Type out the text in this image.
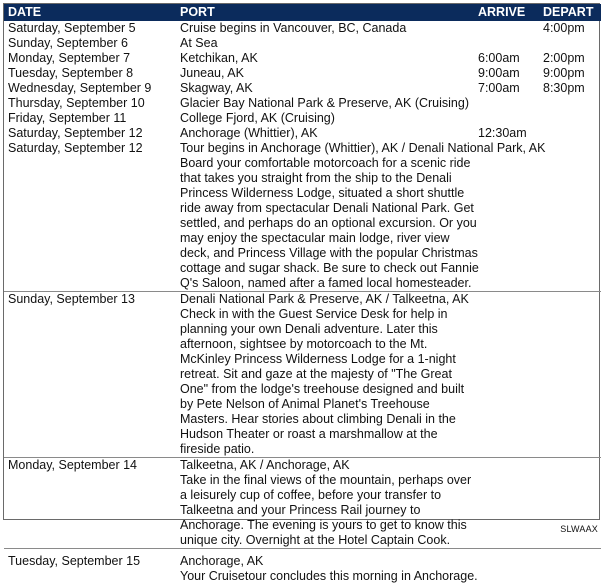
DATE	PORT	ARRIVE	DEPART
Saturday, September 5	Cruise begins in Vancouver, BC, Canada		4:00pm
Sunday, September 6	At Sea		
Monday, September 7	Ketchikan, AK	6:00am	2:00pm
Tuesday, September 8	Juneau, AK	9:00am	9:00pm
Wednesday, September 9	Skagway, AK	7:00am	8:30pm
Thursday, September 10	Glacier Bay National Park & Preserve, AK (Cruising)		
Friday, September 11	College Fjord, AK (Cruising)		
Saturday, September 12	Anchorage (Whittier), AK	12:30am	
Saturday, September 12	Tour begins in Anchorage (Whittier), AK / Denali National Park, AK
Board your comfortable motorcoach for a scenic ride that takes you straight from the ship to the Denali Princess Wilderness Lodge, situated a short shuttle ride away from spectacular Denali National Park. Get settled, and perhaps do an optional excursion. Or you may enjoy the spectacular main lodge, river view deck, and Princess Village with the popular Christmas cottage and sugar shack. Be sure to check out Fannie Q's Saloon, named after a famed local homesteader.		

Sunday, September 13	Denali National Park & Preserve, AK / Talkeetna, AK
Check in with the Guest Service Desk for help in planning your own Denali adventure. Later this afternoon, sightsee by motorcoach to the Mt. McKinley Princess Wilderness Lodge for a 1-night retreat. Sit and gaze at the majesty of "The Great One" from the lodge's treehouse designed and built by Pete Nelson of Animal Planet's Treehouse Masters. Hear stories about climbing Denali in the Hudson Theater or roast a marshmallow at the fireside patio.		

Monday, September 14	Talkeetna, AK / Anchorage, AK
Take in the final views of the mountain, perhaps over a leisurely cup of coffee, before your transfer to Talkeetna and your Princess Rail journey to Anchorage. The evening is yours to get to know this unique city. Overnight at the Hotel Captain Cook.		

Tuesday, September 15	Anchorage, AK
Your Cruisetour concludes this morning in Anchorage.		
SLWAAX
